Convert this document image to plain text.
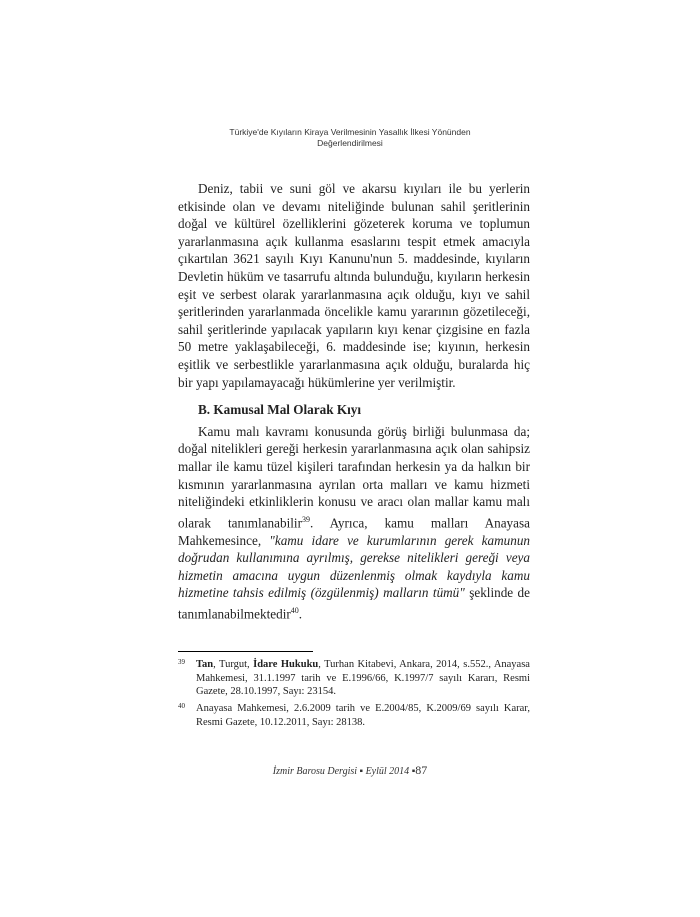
Türkiye'de Kıyıların Kiraya Verilmesinin Yasallık İlkesi Yönünden
Değerlendirilmesi

Deniz, tabii ve suni göl ve akarsu kıyıları ile bu yerlerin etkisinde olan ve devamı niteliğinde bulunan sahil şeritlerinin doğal ve kültürel özelliklerini gözeterek koruma ve toplumun yararlanmasına açık kullanma esaslarını tespit etmek amacıyla çıkartılan 3621 sayılı Kıyı Kanunu'nun 5. maddesinde, kıyıların Devletin hüküm ve tasarrufu altında bulunduğu, kıyıların herkesin eşit ve serbest olarak yararlanmasına açık olduğu, kıyı ve sahil şeritlerinden yararlanmada öncelikle kamu yararının gözetileceği, sahil şeritlerinde yapılacak yapıların kıyı kenar çizgisine en fazla 50 metre yaklaşabileceği, 6. maddesinde ise; kıyının, herkesin eşitlik ve serbestlikle yararlanmasına açık olduğu, buralarda hiç bir yapı yapılamayacağı hükümlerine yer verilmiştir.

B. Kamusal Mal Olarak Kıyı

Kamu malı kavramı konusunda görüş birliği bulunmasa da; doğal nitelikleri gereği herkesin yararlanmasına açık olan sahipsiz mallar ile kamu tüzel kişileri tarafından herkesin ya da halkın bir kısmının yararlanmasına ayrılan orta malları ve kamu hizmeti niteliğindeki etkinliklerin konusu ve aracı olan mallar kamu malı olarak tanımlanabilir$^{39}$. Ayrıca, kamu malları Anayasa Mahkemesince, "kamu idare ve kurumlarının gerek kamunun doğrudan kullanımına ayrılmış, gerekse nitelikleri gereği veya hizmetin amacına uygun düzenlenmiş olmak kaydıyla kamu hizmetine tahsis edilmiş (özgülenmiş) malların tümü" şeklinde de tanımlanabilmektedir$^{40}$.

39 Tan, Turgut, İdare Hukuku, Turhan Kitabevi, Ankara, 2014, s.552., Anayasa Mahkemesi, 31.1.1997 tarih ve E.1996/66, K.1997/7 sayılı Kararı, Resmi Gazete, 28.10.1997, Sayı: 23154.
40 Anayasa Mahkemesi, 2.6.2009 tarih ve E.2004/85, K.2009/69 sayılı Karar, Resmi Gazete, 10.12.2011, Sayı: 28138.
İzmir Barosu Dergisi ▪ Eylül 2014 ▪87
